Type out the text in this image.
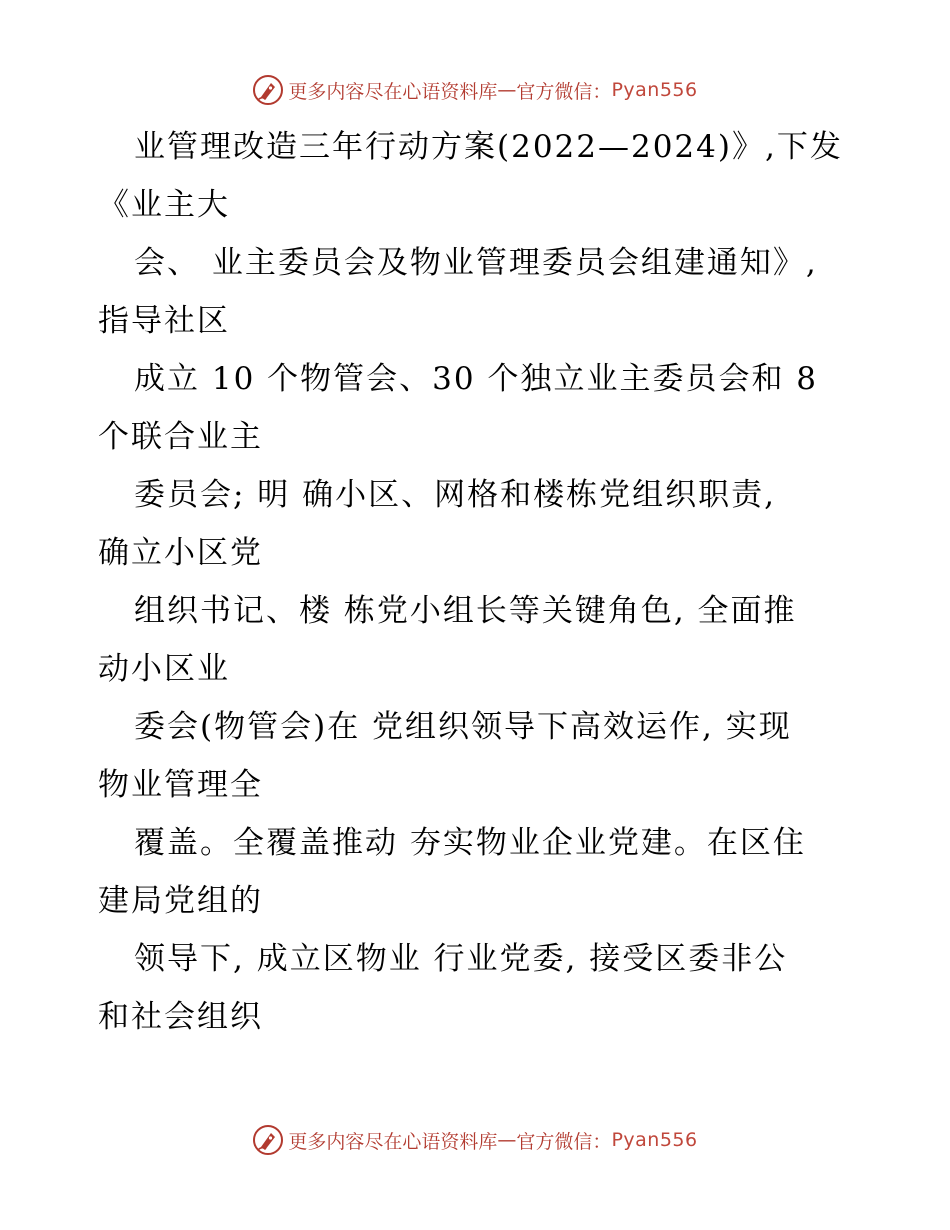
更多内容尽在心语资料库 — 官方微信： Pyan556
业管理改造三年行动方案(2022—2024)》,下发
《业主大
会、 业主委员会及物业管理委员会组建通知》,
指导社区
成立 10 个物管会、30 个独立业主委员会和 8
个联合业主
委员会; 明 确小区、网格和楼栋党组织职责,
确立小区党
组织书记、楼 栋党小组长等关键角色, 全面推
动小区业
委会(物管会)在 党组织领导下高效运作, 实现
物业管理全
覆盖。全覆盖推动 夯实物业企业党建。在区住
建局党组的
领导下, 成立区物业 行业党委, 接受区委非公
和社会组织
更多内容尽在心语资料库 — 官方微信： Pyan556
